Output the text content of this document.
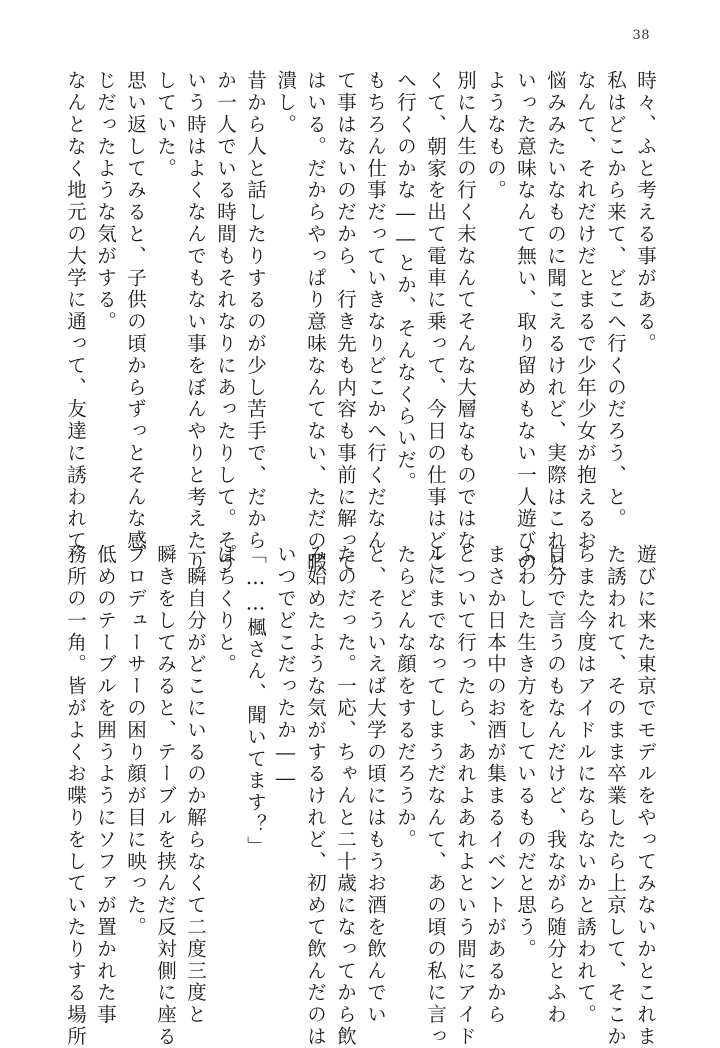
38
時々、ふと考える事がある。
私はどこから来て、どこへ行くのだろう、と。
なんて、それだけだとまるで少年少女が抱えるお
悩みみたいなものに聞こえるけれど、実際はこれと
いった意味なんて無い、取り留めもない一人遊びの
ようなもの。
別に人生の行く末なんてそんな大層なものではな
くて、朝家を出て電車に乗って、今日の仕事はどこ
へ行くのかな――とか、そんなくらいだ。
もちろん仕事だっていきなりどこかへ行くだなん
て事はないのだから、行き先も内容も事前に解って
はいる。だからやっぱり意味なんてない、ただの暇
潰し。
昔から人と話したりするのが少し苦手で、だから
か一人でいる時間もそれなりにあったりして。そう
いう時はよくなんでもない事をぼんやりと考えたり
していた。
思い返してみると、子供の頃からずっとそんな感
じだったような気がする。
なんとなく地元の大学に通って、友達に誘われて
遊びに来た東京でモデルをやってみないかとこれま
た誘われて、そのまま卒業したら上京して、そこか
らまた今度はアイドルにならないかと誘われて。
自分で言うのもなんだけど、我ながら随分とふわ
ふわした生き方をしているものだと思う。
まさか日本中のお酒が集まるイベントがあるから
とついて行ったら、あれよあれよという間にアイド
ルにまでなってしまうだなんて、あの頃の私に言っ
たらどんな顔をするだろうか。
と、そういえば大学の頃にはもうお酒を飲んでい
たのだった。一応、ちゃんと二十歳になってから飲
み始めたような気がするけれど、初めて飲んだのは
いつでどこだったか――
「……楓さん、聞いてます？」
ぱちくりと。
一瞬自分がどこにいるのか解らなくて二度三度と
瞬きをしてみると、テーブルを挟んだ反対側に座る
プロデューサーの困り顔が目に映った。
低めのテーブルを囲うようにソファが置かれた事
務所の一角。皆がよくお喋りをしていたりする場所
